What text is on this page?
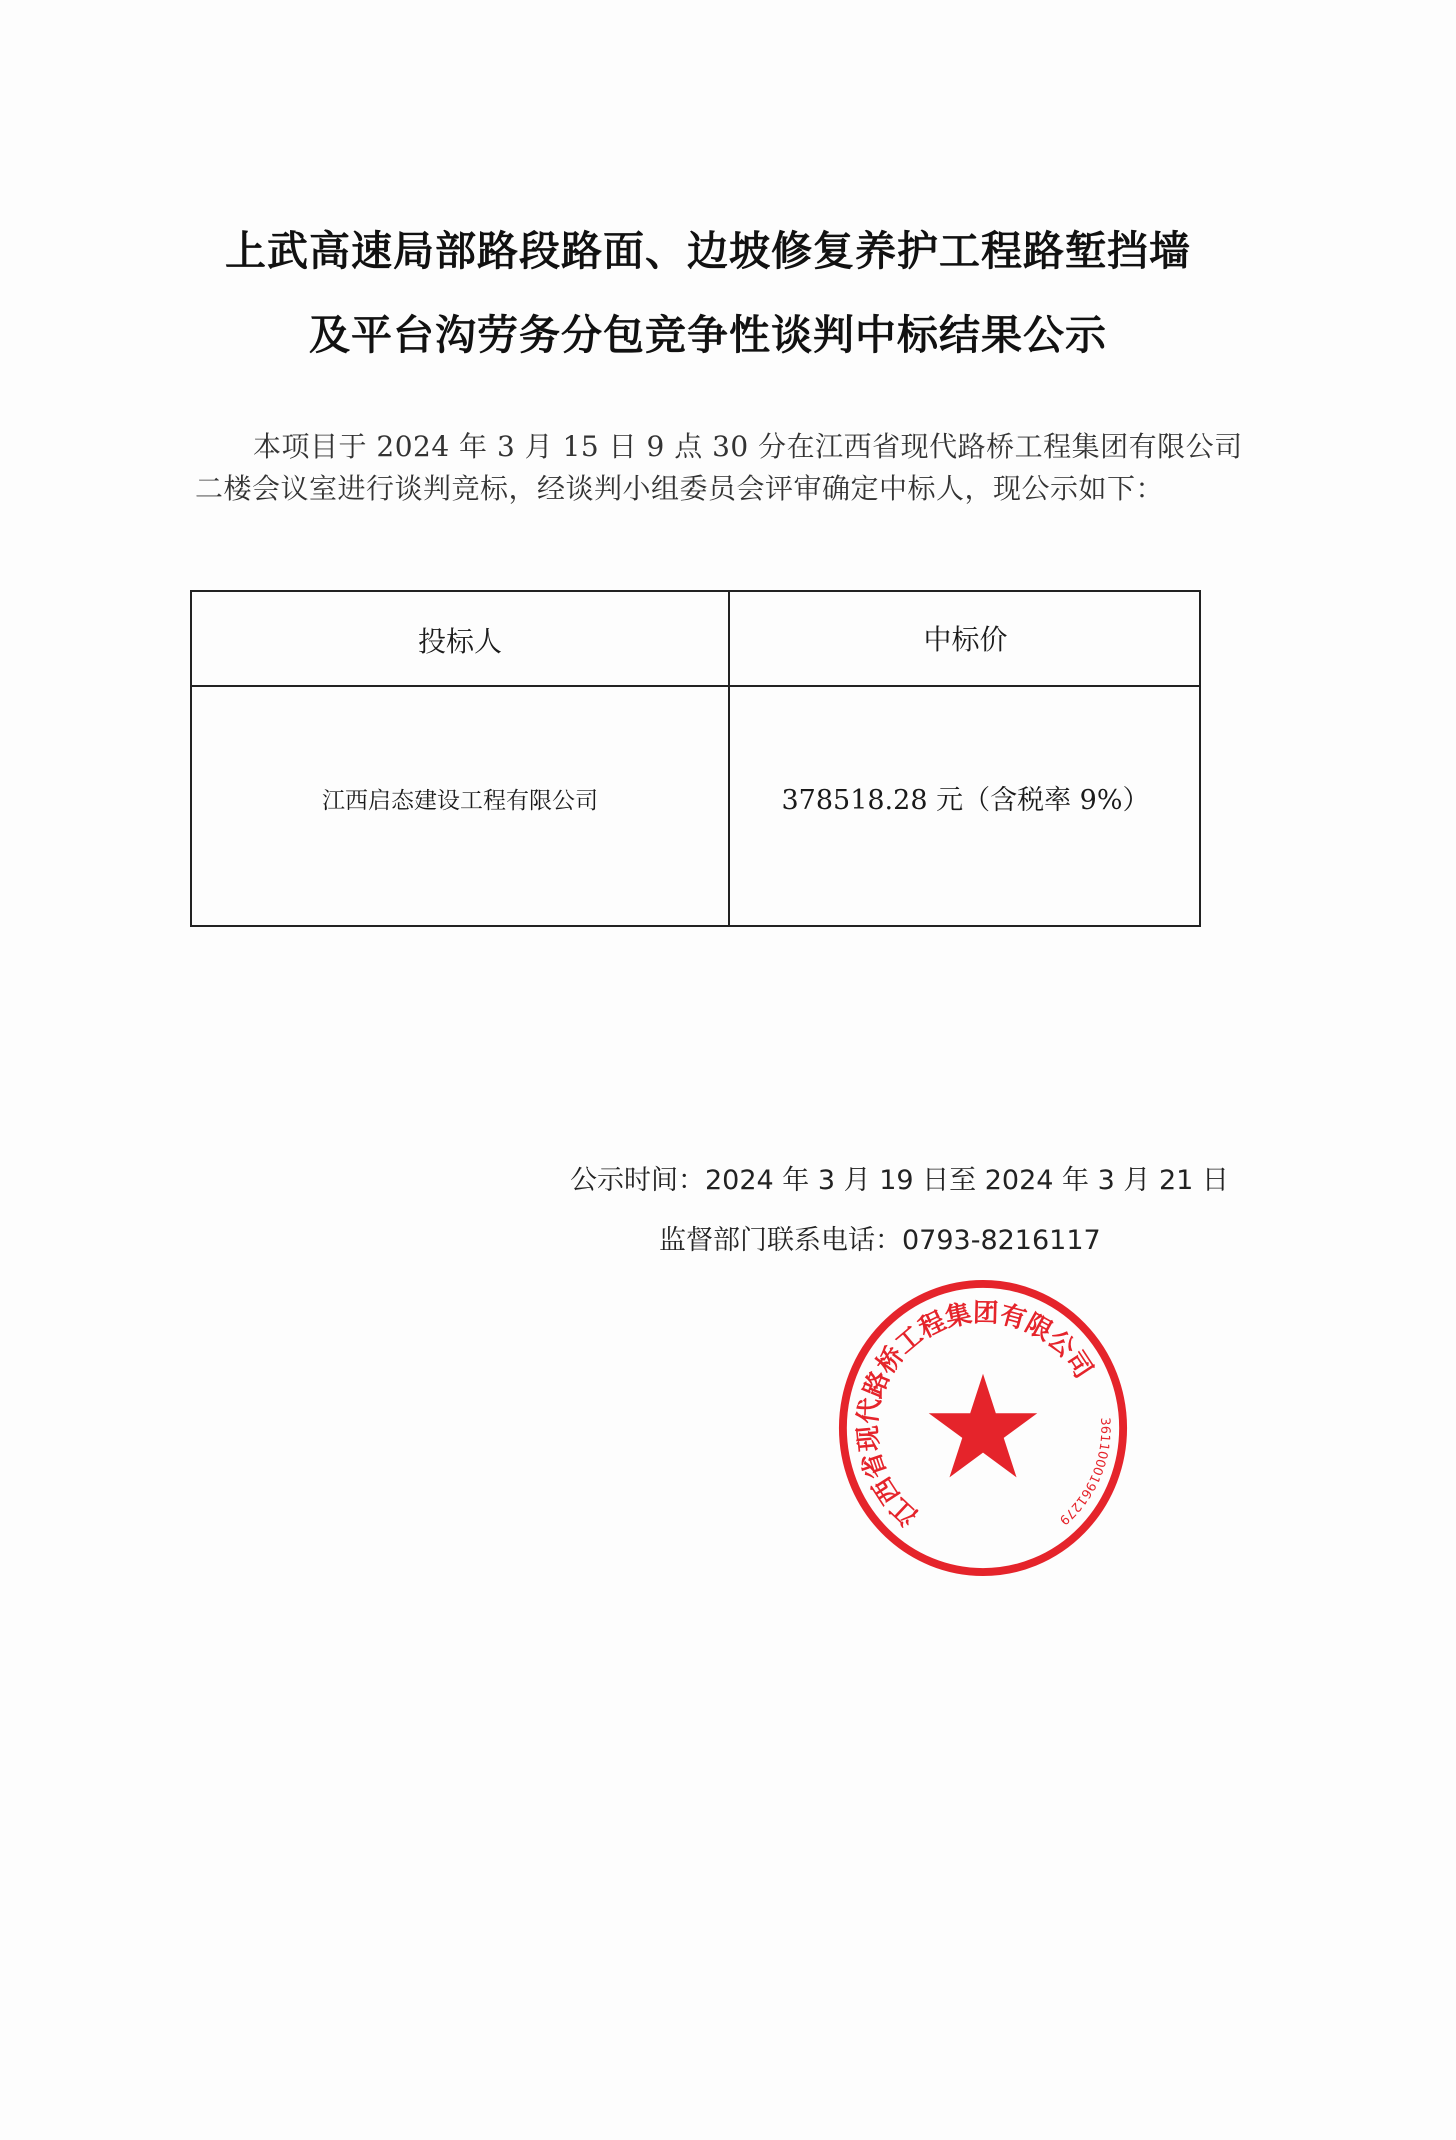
上武高速局部路段路面、边坡修复养护工程路堑挡墙
及平台沟劳务分包竞争性谈判中标结果公示
本项目于 2024 年 3 月 15 日 9 点 30 分在江西省现代路桥工程集团有限公司
二楼会议室进行谈判竞标，经谈判小组委员会评审确定中标人，现公示如下：
投标人	中标价
江西启态建设工程有限公司	378518.28 元（含税率 9%）
公示时间：2024 年 3 月 19 日至 2024 年 3 月 21 日
监督部门联系电话：0793-8216117
江西省现代路桥工程集团有限公司
36110001961279
